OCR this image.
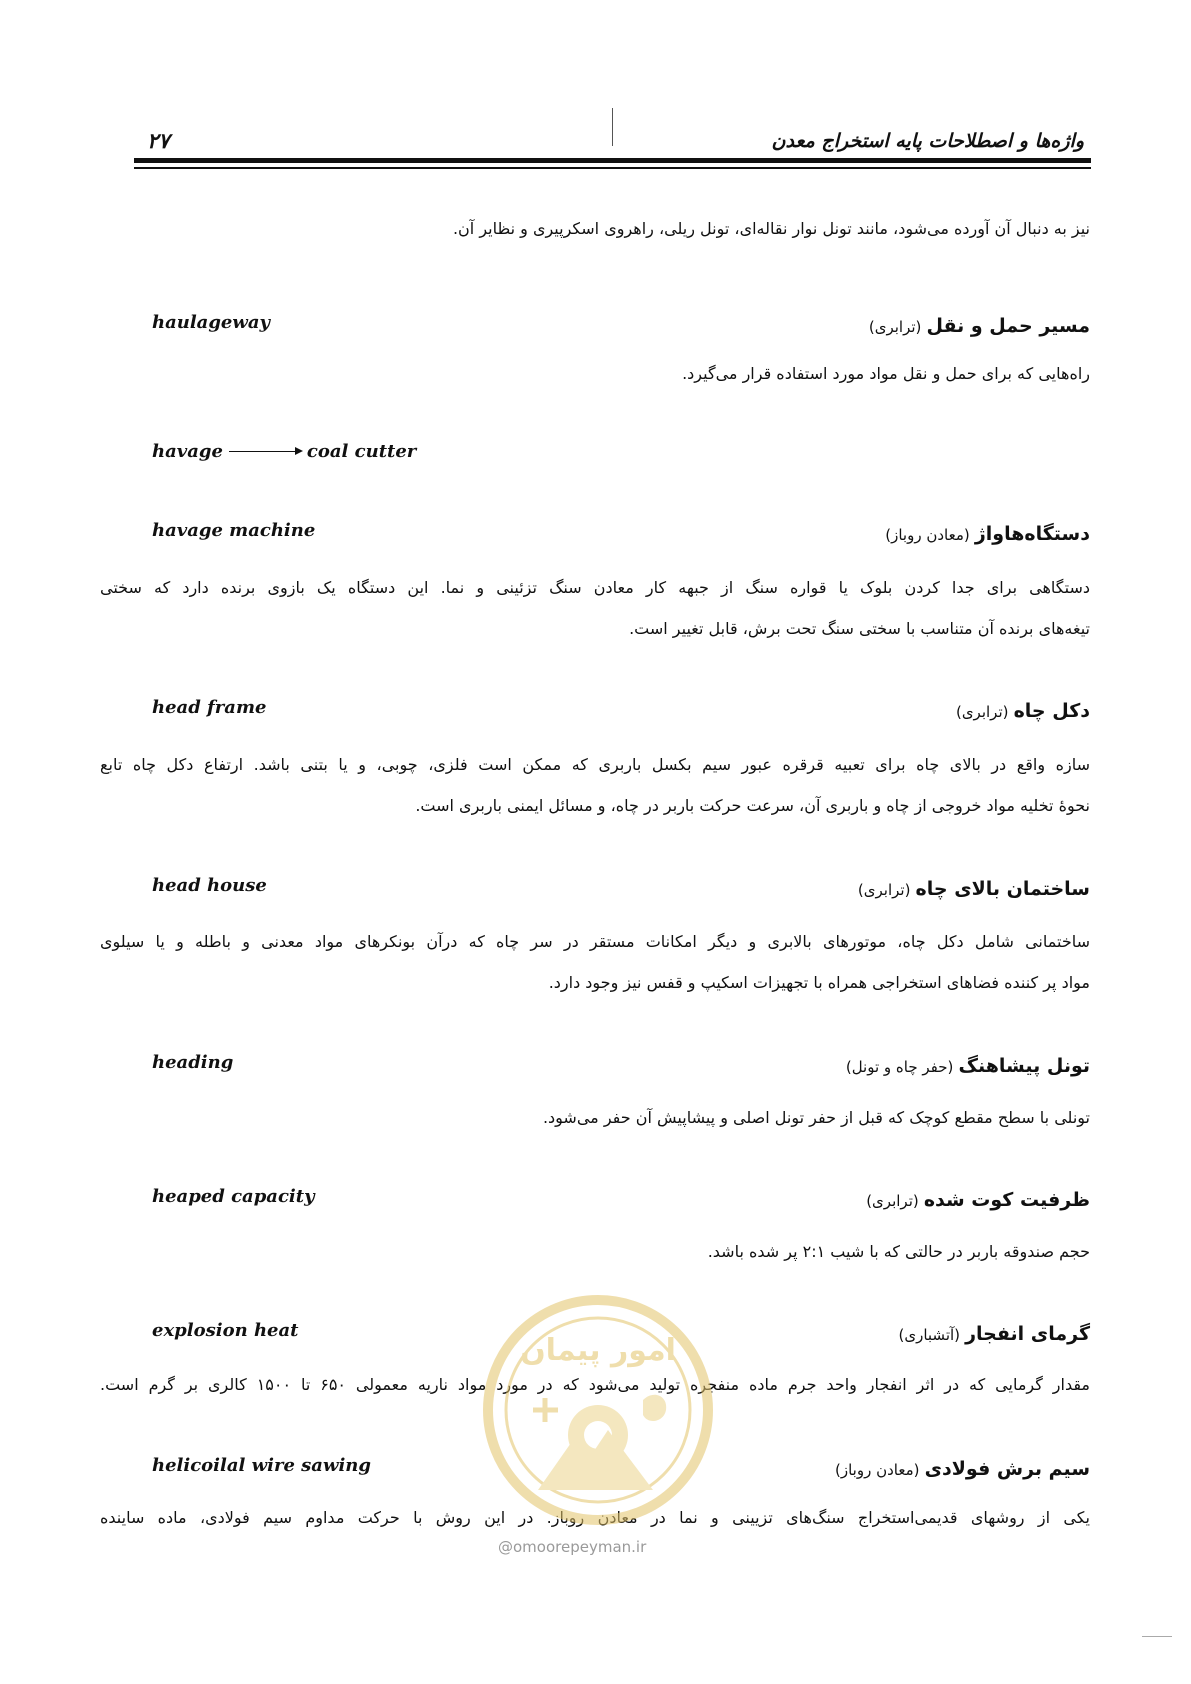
واژه‌ها و اصطلاحات پایه استخراج معدن
۲۷
نیز به دنبال آن آورده می‌شود، مانند تونل نوار نقاله‌ای، تونل ریلی، راهروی اسکرپیری و نظایر آن.
haulageway	مسیر حمل و نقل (ترابری)
راه‌هایی که برای حمل و نقل مواد مورد استفاده قرار می‌گیرد.
havage	coal cutter
havage machine	دستگاه‌هاواژ (معادن روباز)
دستگاهی برای جدا کردن بلوک یا قواره سنگ از جبهه کار معادن سنگ تزئینی و نما. این دستگاه یک بازوی برنده دارد که سختی
تیغه‌های برنده آن متناسب با سختی سنگ تحت برش، قابل تغییر است.
head frame	دکل چاه (ترابری)
سازه واقع در بالای چاه برای تعبیه قرقره عبور سیم بکسل باربری که ممکن است فلزی، چوبی، و یا بتنی باشد. ارتفاع دکل چاه تابع
نحوهٔ تخلیه مواد خروجی از چاه و باربری آن، سرعت حرکت باربر در چاه، و مسائل ایمنی باربری است.
head house	ساختمان بالای چاه (ترابری)
ساختمانی شامل دکل چاه، موتورهای بالابری و دیگر امکانات مستقر در سر چاه که درآن بونکرهای مواد معدنی و باطله و یا سیلوی
مواد پر کننده فضاهای استخراجی همراه با تجهیزات اسکیپ و قفس نیز وجود دارد.
heading	تونل پیشاهنگ (حفر چاه و تونل)
تونلی با سطح مقطع کوچک که قبل از حفر تونل اصلی و پیشاپیش آن حفر می‌شود.
heaped capacity	ظرفیت کوت شده (ترابری)
حجم صندوقه باربر در حالتی که با شیب ۲:۱ پر شده باشد.
explosion heat	گرمای انفجار (آتشباری)
مقدار گرمایی که در اثر انفجار واحد جرم ماده منفجره تولید می‌شود که در مورد مواد ناریه معمولی ۶۵۰ تا ۱۵۰۰ کالری بر گرم است.
helicoilal wire sawing	سیم برش فولادی (معادن روباز)
یکی از روشهای قدیمی‌استخراج سنگ‌های تزیینی و نما در معادن روباز. در این روش با حرکت مداوم سیم فولادی، ماده ساینده
امور پیمان
@omoorepeyman.ir
